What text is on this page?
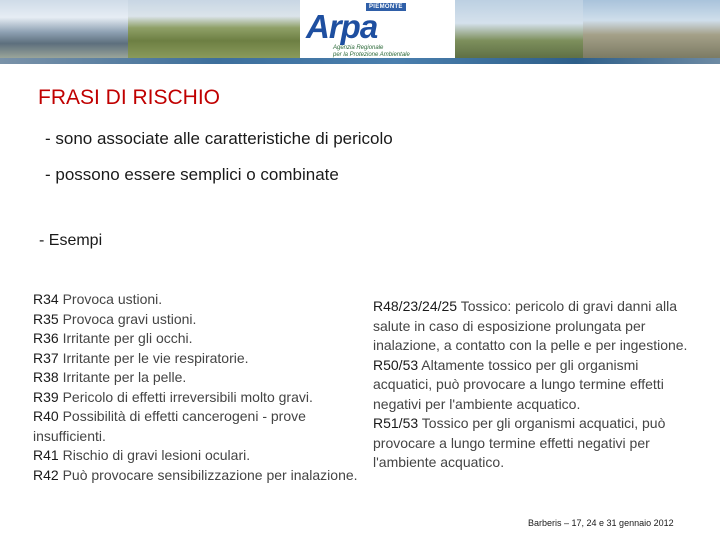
PIEMONTE
Arpa
Agenzia Regionale
per la Protezione Ambientale
FRASI DI RISCHIO
- sono associate alle caratteristiche di pericolo
- possono essere semplici o combinate
- Esempi
R34 Provoca ustioni.
R35 Provoca gravi ustioni.
R36 Irritante per gli occhi.
R37 Irritante per le vie respiratorie.
R38 Irritante per la pelle.
R39 Pericolo di effetti irreversibili molto gravi.
R40 Possibilità di effetti cancerogeni - prove insufficienti.
R41 Rischio di gravi lesioni oculari.
R42 Può provocare sensibilizzazione per inalazione.
R48/23/24/25 Tossico: pericolo di gravi danni alla salute in caso di esposizione prolungata per inalazione, a contatto con la pelle e per ingestione.
R50/53 Altamente tossico per gli organismi acquatici, può provocare a lungo termine effetti negativi per l'ambiente acquatico.
R51/53 Tossico per gli organismi acquatici, può provocare a lungo termine effetti negativi per l'ambiente acquatico.
Barberis – 17, 24 e 31 gennaio 2012
